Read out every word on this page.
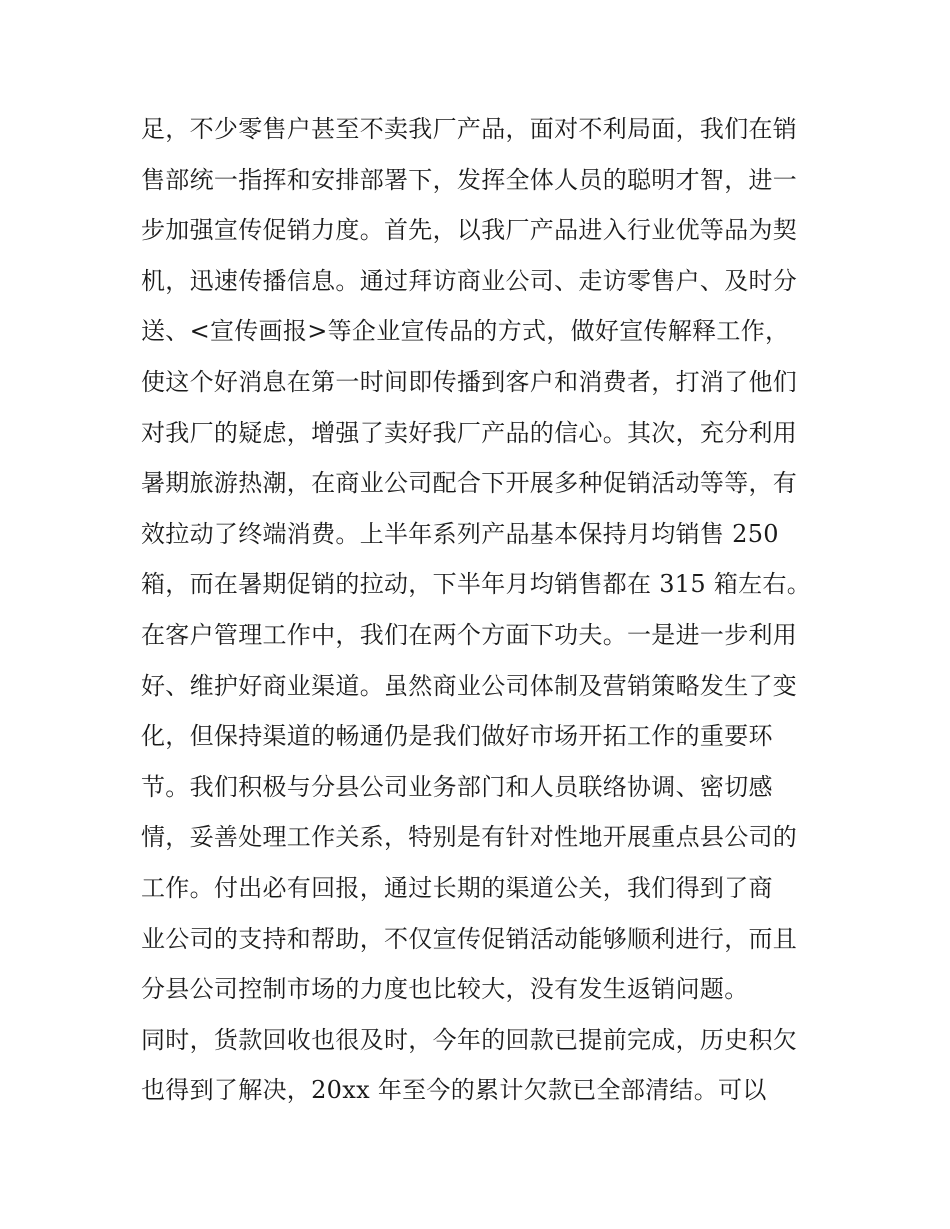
足，不少零售户甚至不卖我厂产品，面对不利局面，我们在销
售部统一指挥和安排部署下，发挥全体人员的聪明才智，进一
步加强宣传促销力度。首先，以我厂产品进入行业优等品为契
机，迅速传播信息。通过拜访商业公司、走访零售户、及时分
送、<宣传画报>等企业宣传品的方式，做好宣传解释工作，
使这个好消息在第一时间即传播到客户和消费者，打消了他们
对我厂的疑虑，增强了卖好我厂产品的信心。其次，充分利用
暑期旅游热潮，在商业公司配合下开展多种促销活动等等，有
效拉动了终端消费。上半年系列产品基本保持月均销售 250
箱，而在暑期促销的拉动，下半年月均销售都在 315 箱左右。
在客户管理工作中，我们在两个方面下功夫。一是进一步利用
好、维护好商业渠道。虽然商业公司体制及营销策略发生了变
化，但保持渠道的畅通仍是我们做好市场开拓工作的重要环
节。我们积极与分县公司业务部门和人员联络协调、密切感
情，妥善处理工作关系，特别是有针对性地开展重点县公司的
工作。付出必有回报，通过长期的渠道公关，我们得到了商
业公司的支持和帮助，不仅宣传促销活动能够顺利进行，而且
分县公司控制市场的力度也比较大，没有发生返销问题。
同时，货款回收也很及时，今年的回款已提前完成，历史积欠
也得到了解决，20xx 年至今的累计欠款已全部清结。可以
